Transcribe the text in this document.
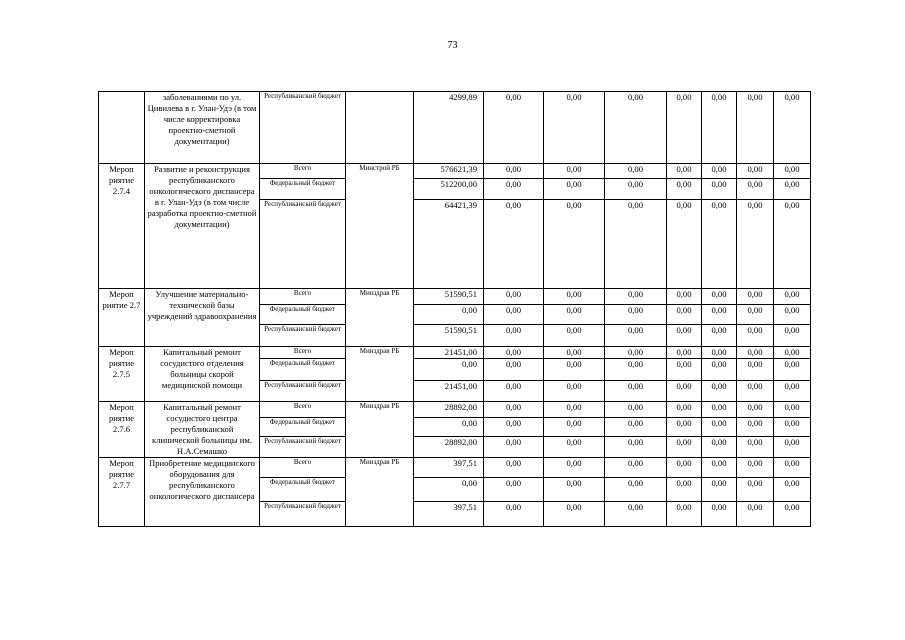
73
	заболеваниями по ул. Цивилева в г. Улан-Удэ (в том числе корректировка проектно-сметной документации)	Республиканский бюджет		4299,89	0,00	0,00	0,00	0,00	0,00	0,00	0,00
Мероп риятие 2.7.4	Развитие и реконструкция республиканского онкологического диспансера в г. Улан-Удэ (в том числе разработка проектно-сметной документации)	Всего	Минстрой РБ	576621,39	0,00	0,00	0,00	0,00	0,00	0,00	0,00
		Федеральный бюджет		512200,00	0,00	0,00	0,00	0,00	0,00	0,00	0,00
		Республиканский бюджет		64421,39	0,00	0,00	0,00	0,00	0,00	0,00	0,00
Мероп риятие 2.7	Улучшение материально-технической базы учреждений здравоохранения	Всего	Минздрав РБ	51590,51	0,00	0,00	0,00	0,00	0,00	0,00	0,00
		Федеральный бюджет		0,00	0,00	0,00	0,00	0,00	0,00	0,00	0,00
		Республиканский бюджет		51590,51	0,00	0,00	0,00	0,00	0,00	0,00	0,00
Мероп риятие 2.7.5	Капитальный ремонт сосудистого отделения больницы скорой медицинской помощи	Всего	Минздрав РБ	21451,00	0,00	0,00	0,00	0,00	0,00	0,00	0,00
		Федеральный бюджет		0,00	0,00	0,00	0,00	0,00	0,00	0,00	0,00
		Республиканский бюджет		21451,00	0,00	0,00	0,00	0,00	0,00	0,00	0,00
Мероп риятие 2.7.6	Капитальный ремонт сосудистого центра республиканской клинической больницы им. Н.А.Семашко	Всего	Минздрав РБ	28892,00	0,00	0,00	0,00	0,00	0,00	0,00	0,00
		Федеральный бюджет		0,00	0,00	0,00	0,00	0,00	0,00	0,00	0,00
		Республиканский бюджет		28892,00	0,00	0,00	0,00	0,00	0,00	0,00	0,00
Мероп риятие 2.7.7	Приобретение медицинского оборудования для республиканского онкологического диспансера	Всего	Минздрав РБ	397,51	0,00	0,00	0,00	0,00	0,00	0,00	0,00
		Федеральный бюджет		0,00	0,00	0,00	0,00	0,00	0,00	0,00	0,00
		Республиканский бюджет		397,51	0,00	0,00	0,00	0,00	0,00	0,00	0,00
